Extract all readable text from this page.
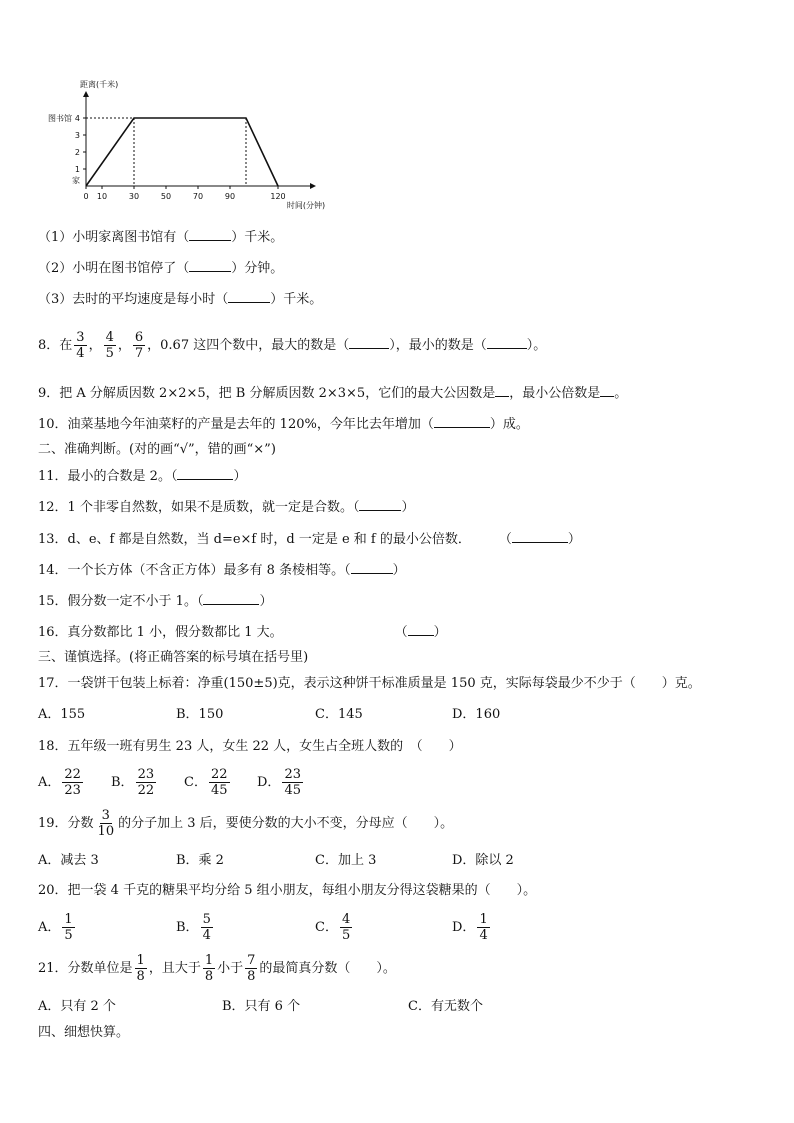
1
2
3
4
图书馆
家
距离(千米)
0 10	30	50	70	90	120
时间(分钟)
（1）小明家离图书馆有（	）千米。
（2）小明在图书馆停了（	）分钟。
（3）去时的平均速度是每小时（	）千米。
8．在 $\frac{3}{4}$ ， $\frac{4}{5}$ ， $\frac{6}{7}$ ，0.67 这四个数中，最大的数是（	），最小的数是（	）。
9．把 A 分解质因数 2×2×5，把 B 分解质因数 2×3×5，它们的最大公因数是 ，最小公倍数是 。
10．油菜基地今年油菜籽的产量是去年的 120%，今年比去年增加（	）成。
二、准确判断。(对的画“√”，错的画“×”)
11．最小的合数是 2。（	）
12．1 个非零自然数，如果不是质数，就一定是合数。（	）
13．d、e、f 都是自然数，当 d=e×f 时，d 一定是 e 和 f 的最小公倍数． （	）
14．一个长方体（不含正方体）最多有 8 条棱相等。（	）
15．假分数一定不小于 1。（	）
16．真分数都比 1 小，假分数都比 1 大。	（ ）
三、谨慎选择。(将正确答案的标号填在括号里)
17．一袋饼干包装上标着：净重(150±5)克，表示这种饼干标准质量是 150 克，实际每袋最少不少于（　　）克。
A．155	B．150	C．145	D．160
18．五年级一班有男生 23 人，女生 22 人，女生占全班人数的　（　　）
A． $\frac{22}{23}$ B． $\frac{23}{22}$ C． $\frac{22}{45}$ D． $\frac{23}{45}$
19．分数 $\frac{3}{10}$ 的分子加上 3 后，要使分数的大小不变，分母应（　　）。
A．减去 3	B．乘 2	C．加上 3	D．除以 2
20．把一袋 4 千克的糖果平均分给 5 组小朋友，每组小朋友分得这袋糖果的（　　）。
A． $\frac{1}{5}$	B． $\frac{5}{4}$	C． $\frac{4}{5}$	D． $\frac{1}{4}$
21．分数单位是 $\frac{1}{8}$ ，且大于 $\frac{1}{8}$ 小于 $\frac{7}{8}$ 的最简真分数（　　）。
A．只有 2 个	B．只有 6 个	C．有无数个
四、细想快算。
